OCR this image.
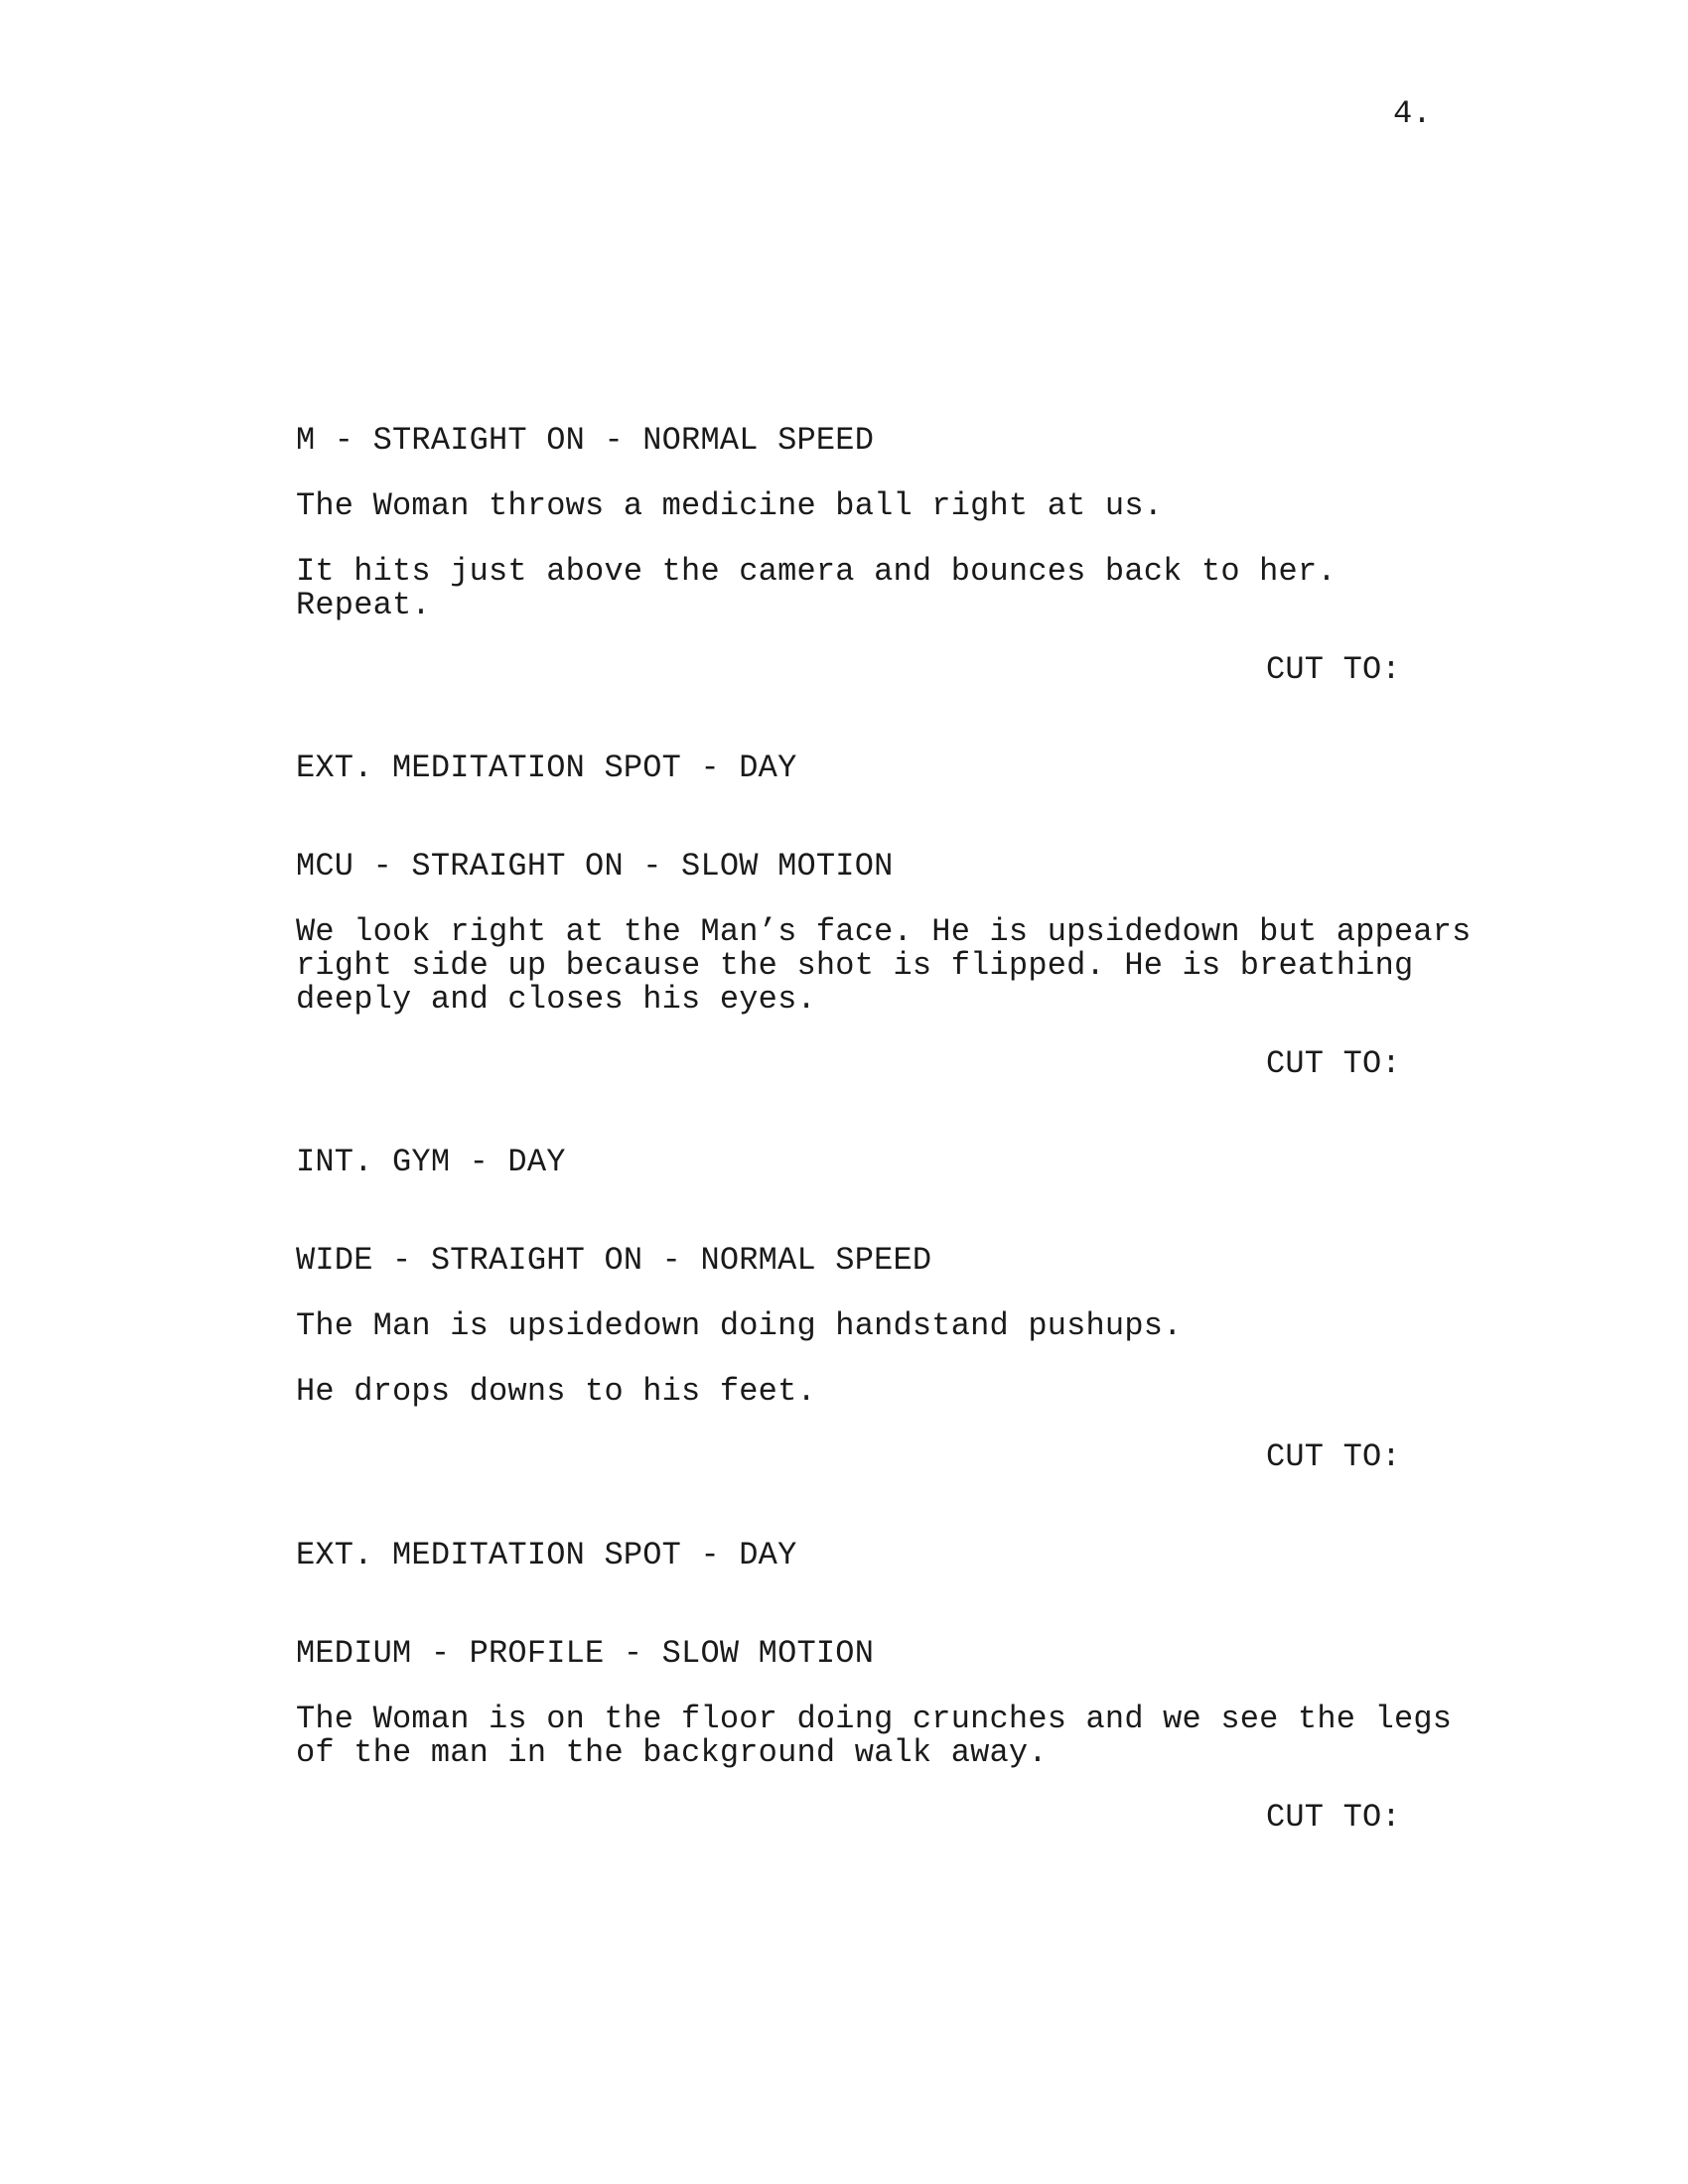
4.
M - STRAIGHT ON - NORMAL SPEED
The Woman throws a medicine ball right at us.
It hits just above the camera and bounces back to her.
Repeat.
CUT TO:
EXT. MEDITATION SPOT - DAY
MCU - STRAIGHT ON - SLOW MOTION
We look right at the Man’s face. He is upsidedown but appears
right side up because the shot is flipped. He is breathing
deeply and closes his eyes.
CUT TO:
INT. GYM - DAY
WIDE - STRAIGHT ON - NORMAL SPEED
The Man is upsidedown doing handstand pushups.
He drops downs to his feet.
CUT TO:
EXT. MEDITATION SPOT - DAY
MEDIUM - PROFILE - SLOW MOTION
The Woman is on the floor doing crunches and we see the legs
of the man in the background walk away.
CUT TO:
